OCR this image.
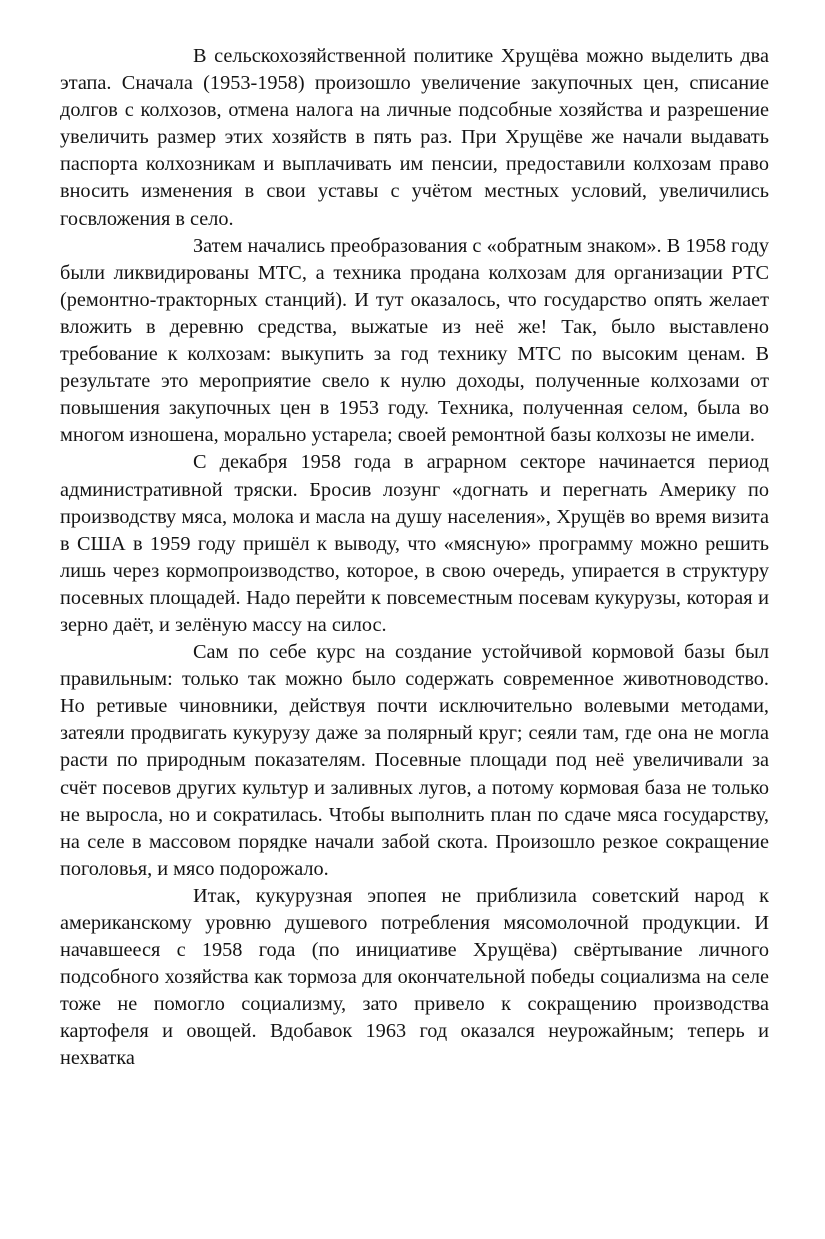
В сельскохозяйственной политике Хрущёва можно выделить два этапа. Сначала (1953-1958) произошло увеличение закупочных цен, списание долгов с колхозов, отмена налога на личные подсобные хозяйства и разрешение увеличить размер этих хозяйств в пять раз. При Хрущёве же начали выдавать паспорта колхозникам и выплачивать им пенсии, предоставили колхозам право вносить изменения в свои уставы с учётом местных условий, увеличились госвложения в село.

Затем начались преобразования с «обратным знаком». В 1958 году были ликвидированы МТС, а техника продана колхозам для организации РТС (ремонтно-тракторных станций). И тут оказалось, что государство опять желает вложить в деревню средства, выжатые из неё же! Так, было выставлено требование к колхозам: выкупить за год технику МТС по высоким ценам. В результате это мероприятие свело к нулю доходы, полученные колхозами от повышения закупочных цен в 1953 году. Техника, полученная селом, была во многом изношена, морально устарела; своей ремонтной базы колхозы не имели.

С декабря 1958 года в аграрном секторе начинается период административной тряски. Бросив лозунг «догнать и перегнать Америку по производству мяса, молока и масла на душу населения», Хрущёв во время визита в США в 1959 году пришёл к выводу, что «мясную» программу можно решить лишь через кормопроизводство, которое, в свою очередь, упирается в структуру посевных площадей. Надо перейти к повсеместным посевам кукурузы, которая и зерно даёт, и зелёную массу на силос.

Сам по себе курс на создание устойчивой кормовой базы был правильным: только так можно было содержать современное животноводство. Но ретивые чиновники, действуя почти исключительно волевыми методами, затеяли продвигать кукурузу даже за полярный круг; сеяли там, где она не могла расти по природным показателям. Посевные площади под неё увеличивали за счёт посевов других культур и заливных лугов, а потому кормовая база не только не выросла, но и сократилась. Чтобы выполнить план по сдаче мяса государству, на селе в массовом порядке начали забой скота. Произошло резкое сокращение поголовья, и мясо подорожало.

Итак, кукурузная эпопея не приблизила советский народ к американскому уровню душевого потребления мясомолочной продукции. И начавшееся с 1958 года (по инициативе Хрущёва) свёртывание личного подсобного хозяйства как тормоза для окончательной победы социализма на селе тоже не помогло социализму, зато привело к сокращению производства картофеля и овощей. Вдобавок 1963 год оказался неурожайным; теперь и нехватка
